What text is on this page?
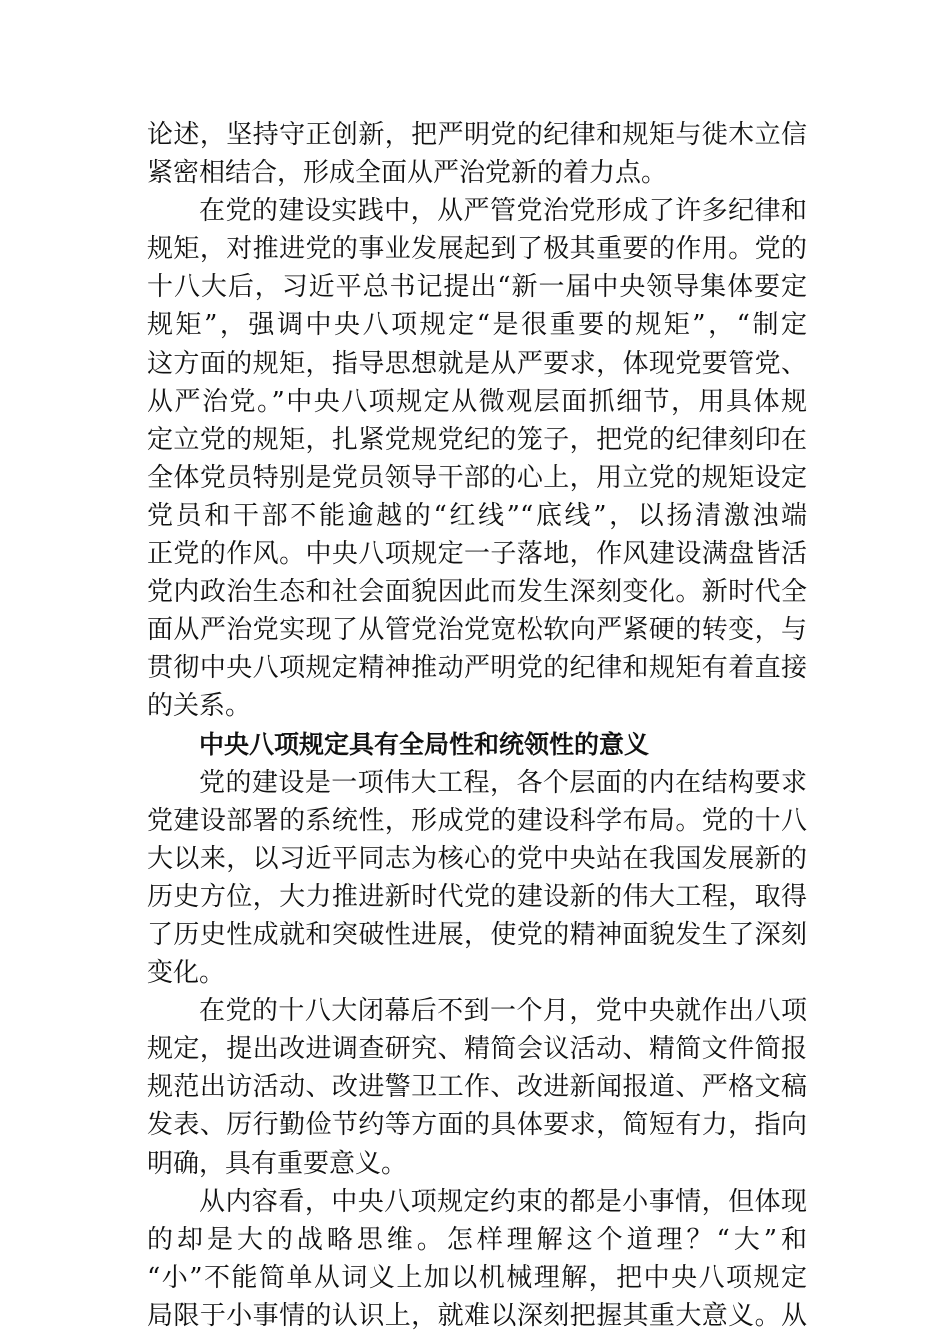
论述，坚持守正创新，把严明党的纪律和规矩与徙木立信
紧密相结合，形成全面从严治党新的着力点。
在党的建设实践中，从严管党治党形成了许多纪律和
规矩，对推进党的事业发展起到了极其重要的作用。党的
十八大后，习近平总书记提出“新一届中央领导集体要定
规矩”，强调中央八项规定“是很重要的规矩”，“制定
这方面的规矩，指导思想就是从严要求，体现党要管党、
从严治党。”中央八项规定从微观层面抓细节，用具体规
定立党的规矩，扎紧党规党纪的笼子，把党的纪律刻印在
全体党员特别是党员领导干部的心上，用立党的规矩设定
党员和干部不能逾越的“红线”“底线”，以扬清激浊端
正党的作风。中央八项规定一子落地，作风建设满盘皆活
党内政治生态和社会面貌因此而发生深刻变化。新时代全
面从严治党实现了从管党治党宽松软向严紧硬的转变，与
贯彻中央八项规定精神推动严明党的纪律和规矩有着直接
的关系。
中央八项规定具有全局性和统领性的意义
党的建设是一项伟大工程，各个层面的内在结构要求
党建设部署的系统性，形成党的建设科学布局。党的十八
大以来，以习近平同志为核心的党中央站在我国发展新的
历史方位，大力推进新时代党的建设新的伟大工程，取得
了历史性成就和突破性进展，使党的精神面貌发生了深刻
变化。
在党的十八大闭幕后不到一个月，党中央就作出八项
规定，提出改进调查研究、精简会议活动、精简文件简报
规范出访活动、改进警卫工作、改进新闻报道、严格文稿
发表、厉行勤俭节约等方面的具体要求，简短有力，指向
明确，具有重要意义。
从内容看，中央八项规定约束的都是小事情，但体现
的却是大的战略思维。怎样理解这个道理？“大”和
“小”不能简单从词义上加以机械理解，把中央八项规定
局限于小事情的认识上，就难以深刻把握其重大意义。从
